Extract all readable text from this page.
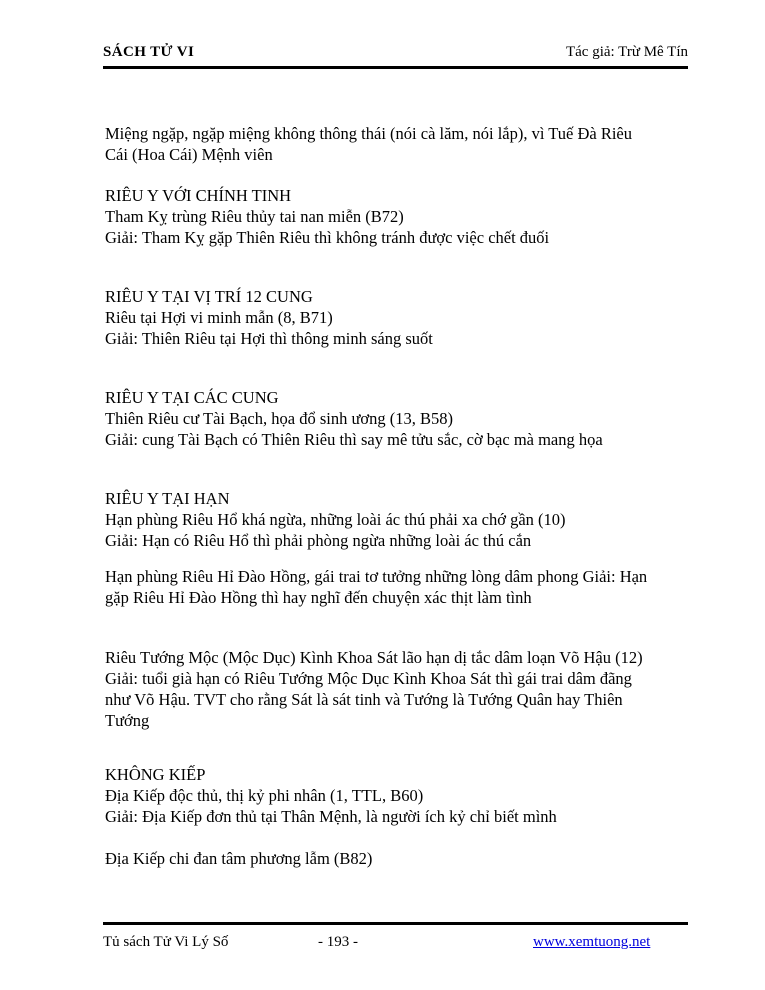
SÁCH TỬ VI	Tác giả: Trừ Mê Tín
Miệng ngặp, ngặp miệng không thông thái (nói cà lăm, nói lắp), vì Tuế Đà Riêu
Cái (Hoa Cái) Mệnh viên
RIÊU Y VỚI CHÍNH TINH
Tham Kỵ trùng Riêu thủy tai nan miễn (B72)
Giải: Tham Kỵ gặp Thiên Riêu thì không tránh được việc chết đuối
RIÊU Y TẠI VỊ TRÍ 12 CUNG
Riêu tại Hợi vi minh mẫn (8, B71)
Giải: Thiên Riêu tại Hợi thì thông minh sáng suốt
RIÊU Y TẠI CÁC CUNG
Thiên Riêu cư Tài Bạch, họa đổ sinh ương (13, B58)
Giải: cung Tài Bạch có Thiên Riêu thì say mê tửu sắc, cờ bạc mà mang họa
RIÊU Y TẠI HẠN
Hạn phùng Riêu Hổ khá ngừa, những loài ác thú phải xa chớ gần (10)
Giải: Hạn có Riêu Hổ thì phải phòng ngừa những loài ác thú cắn
Hạn phùng Riêu Hỉ Đào Hồng, gái trai tơ tưởng những lòng dâm phong Giải: Hạn
gặp Riêu Hỉ Đào Hồng thì hay nghĩ đến chuyện xác thịt làm tình
Riêu Tướng Mộc (Mộc Dục) Kình Khoa Sát lão hạn dị tắc dâm loạn Võ Hậu (12)
Giải: tuổi già hạn có Riêu Tướng Mộc Dục Kình Khoa Sát thì gái trai dâm đãng
như Võ Hậu. TVT cho rằng Sát là sát tinh và Tướng là Tướng Quân hay Thiên
Tướng
KHÔNG KIẾP
Địa Kiếp độc thủ, thị kỷ phi nhân (1, TTL, B60)
Giải: Địa Kiếp đơn thủ tại Thân Mệnh, là người ích kỷ chỉ biết mình
Địa Kiếp chi đan tâm phương lẫm (B82)
Tủ sách Tử Vi Lý Số	- 193 -	www.xemtuong.net
